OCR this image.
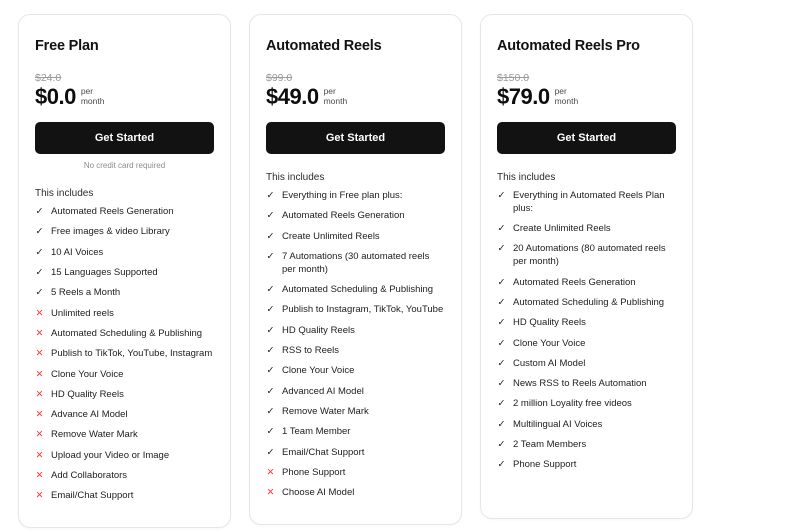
Free Plan
$24.0
$0.0 per
month
Get Started
No credit card required
This includes
✓ Automated Reels Generation
✓ Free images & video Library
✓ 10 AI Voices
✓ 15 Languages Supported
✓ 5 Reels a Month
✕ Unlimited reels
✕ Automated Scheduling & Publishing
✕ Publish to TikTok, YouTube, Instagram
✕ Clone Your Voice
✕ HD Quality Reels
✕ Advance AI Model
✕ Remove Water Mark
✕ Upload your Video or Image
✕ Add Collaborators
✕ Email/Chat Support
Automated Reels
$99.0
$49.0 per
month
Get Started
This includes
✓ Everything in Free plan plus:
✓ Automated Reels Generation
✓ Create Unlimited Reels
✓ 7 Automations (30 automated reels per month)
✓ Automated Scheduling & Publishing
✓ Publish to Instagram, TikTok, YouTube
✓ HD Quality Reels
✓ RSS to Reels
✓ Clone Your Voice
✓ Advanced AI Model
✓ Remove Water Mark
✓ 1 Team Member
✓ Email/Chat Support
✕ Phone Support
✕ Choose AI Model
Automated Reels Pro
$150.0
$79.0 per
month
Get Started
This includes
✓ Everything in Automated Reels Plan plus:
✓ Create Unlimited Reels
✓ 20 Automations (80 automated reels per month)
✓ Automated Reels Generation
✓ Automated Scheduling & Publishing
✓ HD Quality Reels
✓ Clone Your Voice
✓ Custom AI Model
✓ News RSS to Reels Automation
✓ 2 million Loyality free videos
✓ Multilingual AI Voices
✓ 2 Team Members
✓ Phone Support
